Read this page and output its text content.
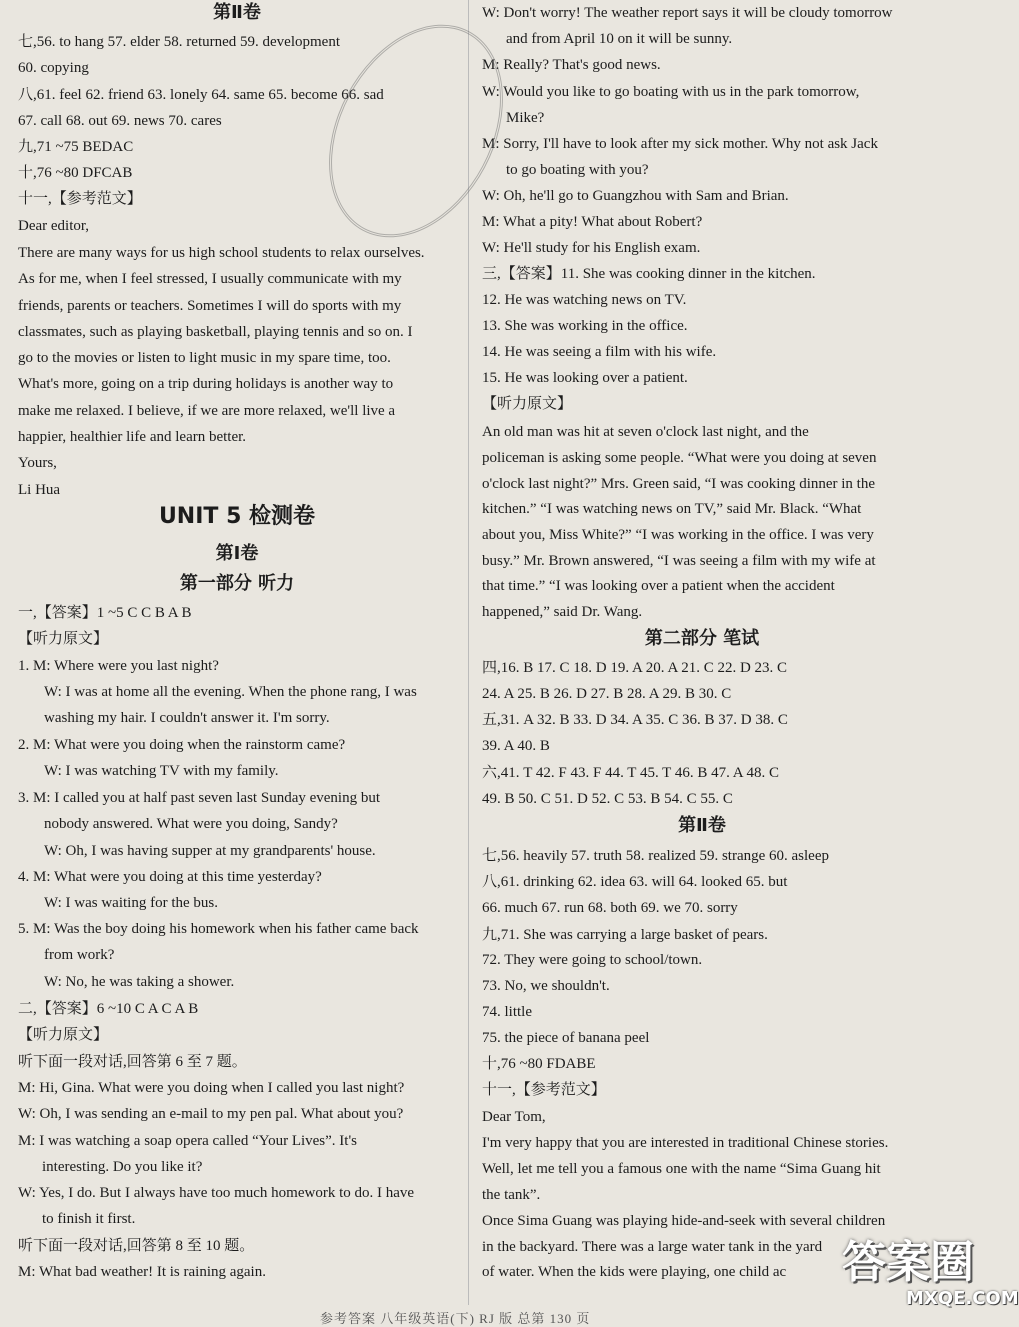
第Ⅱ卷
七,56. to hang 57. elder 58. returned 59. development
60. copying
八,61. feel 62. friend 63. lonely 64. same 65. become 66. sad
67. call 68. out 69. news 70. cares
九,71 ~75 BEDAC
十,76 ~80 DFCAB
十一,【参考范文】
Dear editor,
There are many ways for us high school students to relax ourselves.
As for me, when I feel stressed, I usually communicate with my
friends, parents or teachers. Sometimes I will do sports with my
classmates, such as playing basketball, playing tennis and so on. I
go to the movies or listen to light music in my spare time, too.
What's more, going on a trip during holidays is another way to
make me relaxed. I believe, if we are more relaxed, we'll live a
happier, healthier life and learn better.
Yours,
Li Hua
UNIT 5 检测卷
第Ⅰ卷
第一部分 听力
一,【答案】1 ~5 C C B A B
【听力原文】
1. M: Where were you last night?
W: I was at home all the evening. When the phone rang, I was
washing my hair. I couldn't answer it. I'm sorry.
2. M: What were you doing when the rainstorm came?
W: I was watching TV with my family.
3. M: I called you at half past seven last Sunday evening but
nobody answered. What were you doing, Sandy?
W: Oh, I was having supper at my grandparents' house.
4. M: What were you doing at this time yesterday?
W: I was waiting for the bus.
5. M: Was the boy doing his homework when his father came back
from work?
W: No, he was taking a shower.
二,【答案】6 ~10 C A C A B
【听力原文】
听下面一段对话,回答第 6 至 7 题。
M: Hi, Gina. What were you doing when I called you last night?
W: Oh, I was sending an e-mail to my pen pal. What about you?
M: I was watching a soap opera called “Your Lives”. It's
interesting. Do you like it?
W: Yes, I do. But I always have too much homework to do. I have
to finish it first.
听下面一段对话,回答第 8 至 10 题。
M: What bad weather! It is raining again.
W: Don't worry! The weather report says it will be cloudy tomorrow
and from April 10 on it will be sunny.
M: Really? That's good news.
W: Would you like to go boating with us in the park tomorrow,
Mike?
M: Sorry, I'll have to look after my sick mother. Why not ask Jack
to go boating with you?
W: Oh, he'll go to Guangzhou with Sam and Brian.
M: What a pity! What about Robert?
W: He'll study for his English exam.
三,【答案】11. She was cooking dinner in the kitchen.
12. He was watching news on TV.
13. She was working in the office.
14. He was seeing a film with his wife.
15. He was looking over a patient.
【听力原文】
An old man was hit at seven o'clock last night, and the
policeman is asking some people. “What were you doing at seven
o'clock last night?” Mrs. Green said, “I was cooking dinner in the
kitchen.” “I was watching news on TV,” said Mr. Black. “What
about you, Miss White?” “I was working in the office. I was very
busy.” Mr. Brown answered, “I was seeing a film with my wife at
that time.” “I was looking over a patient when the accident
happened,” said Dr. Wang.
第二部分 笔试
四,16. B 17. C 18. D 19. A 20. A 21. C 22. D 23. C
24. A 25. B 26. D 27. B 28. A 29. B 30. C
五,31. A 32. B 33. D 34. A 35. C 36. B 37. D 38. C
39. A 40. B
六,41. T 42. F 43. F 44. T 45. T 46. B 47. A 48. C
49. B 50. C 51. D 52. C 53. B 54. C 55. C
第Ⅱ卷
七,56. heavily 57. truth 58. realized 59. strange 60. asleep
八,61. drinking 62. idea 63. will 64. looked 65. but
66. much 67. run 68. both 69. we 70. sorry
九,71. She was carrying a large basket of pears.
72. They were going to school/town.
73. No, we shouldn't.
74. little
75. the piece of banana peel
十,76 ~80 FDABE
十一,【参考范文】
Dear Tom,
I'm very happy that you are interested in traditional Chinese stories.
Well, let me tell you a famous one with the name “Sima Guang hit
the tank”.
Once Sima Guang was playing hide-and-seek with several children
in the backyard. There was a large water tank in the yard
of water. When the kids were playing, one child ac
参考答案 八年级英语(下) RJ 版 总第 130 页
答案圈
MXQE.COM
